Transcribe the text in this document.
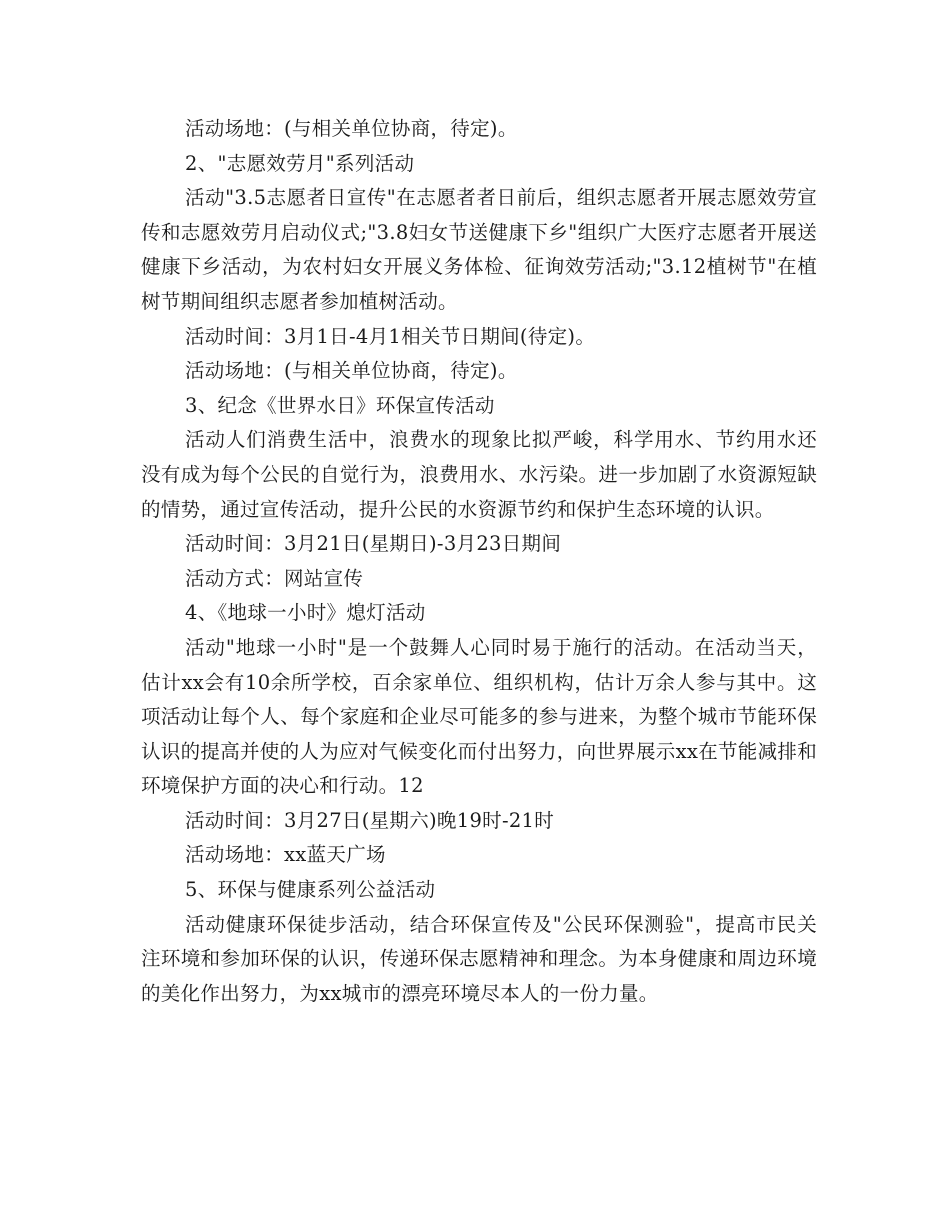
活动场地：(与相关单位协商，待定)。

2、"志愿效劳月"系列活动

活动"3.5志愿者日宣传"在志愿者者日前后，组织志愿者开展志愿效劳宣传和志愿效劳月启动仪式;"3.8妇女节送健康下乡"组织广大医疗志愿者开展送健康下乡活动，为农村妇女开展义务体检、征询效劳活动;"3.12植树节"在植树节期间组织志愿者参加植树活动。

活动时间：3月1日-4月1相关节日期间(待定)。

活动场地：(与相关单位协商，待定)。

3、纪念《世界水日》环保宣传活动

活动人们消费生活中，浪费水的现象比拟严峻，科学用水、节约用水还没有成为每个公民的自觉行为，浪费用水、水污染。进一步加剧了水资源短缺的情势，通过宣传活动，提升公民的水资源节约和保护生态环境的认识。

活动时间：3月21日(星期日)-3月23日期间

活动方式：网站宣传

4、《地球一小时》熄灯活动

活动"地球一小时"是一个鼓舞人心同时易于施行的活动。在活动当天，估计xx会有10余所学校，百余家单位、组织机构，估计万余人参与其中。这项活动让每个人、每个家庭和企业尽可能多的参与进来，为整个城市节能环保认识的提高并使的人为应对气候变化而付出努力，向世界展示xx在节能减排和环境保护方面的决心和行动。12

活动时间：3月27日(星期六)晚19时-21时

活动场地：xx蓝天广场

5、环保与健康系列公益活动

活动健康环保徒步活动，结合环保宣传及"公民环保测验"，提高市民关注环境和参加环保的认识，传递环保志愿精神和理念。为本身健康和周边环境的美化作出努力，为xx城市的漂亮环境尽本人的一份力量。
